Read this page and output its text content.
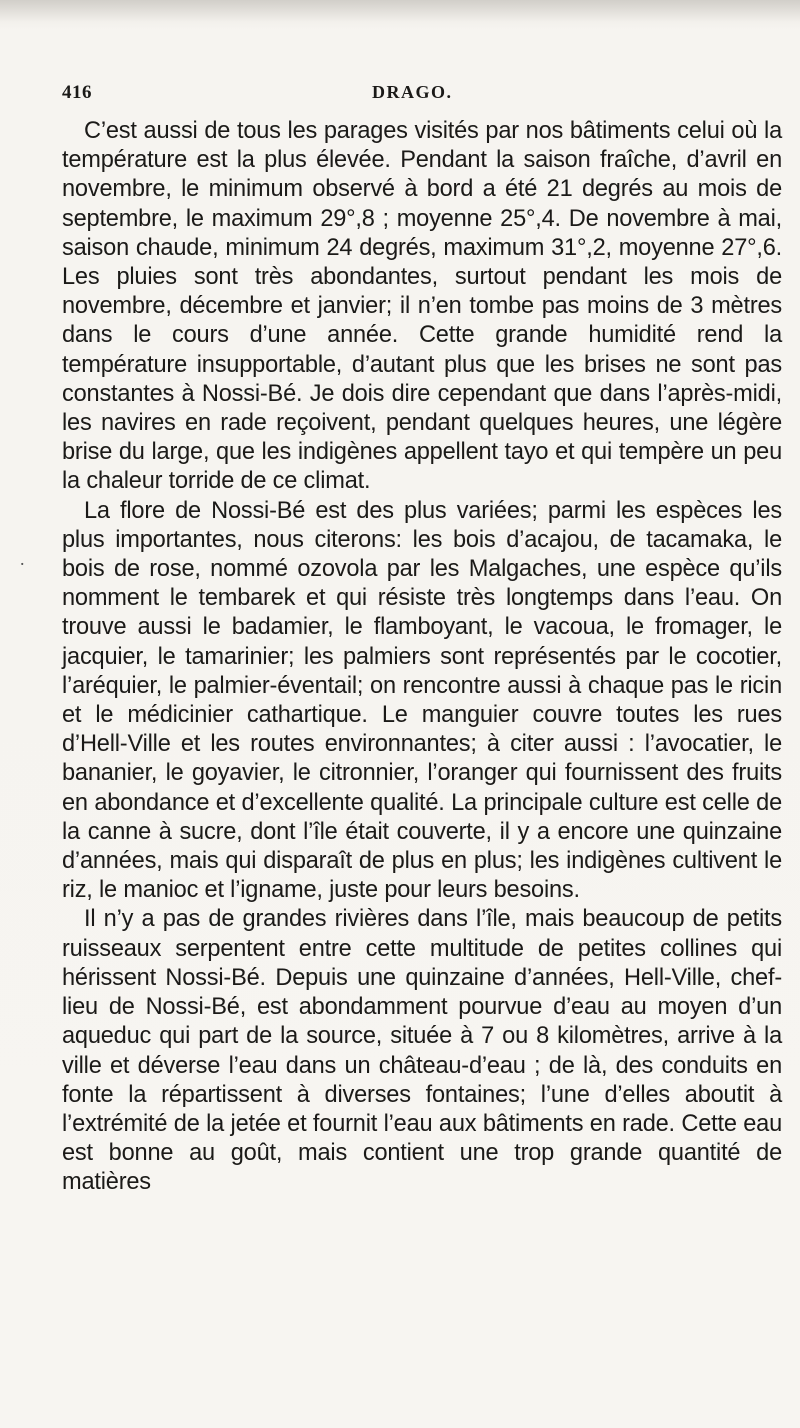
416	DRAGO.
.

C’est aussi de tous les parages visités par nos bâtiments celui où la température est la plus élevée. Pendant la saison fraîche, d’avril en novembre, le minimum observé à bord a été 21 degrés au mois de septembre, le maximum 29°,8 ; moyenne 25°,4. De novembre à mai, saison chaude, minimum 24 degrés, maximum 31°,2, moyenne 27°,6. Les pluies sont très abondantes, surtout pendant les mois de novembre, décembre et janvier; il n’en tombe pas moins de 3 mètres dans le cours d’une année. Cette grande humidité rend la température insupportable, d’autant plus que les brises ne sont pas constantes à Nossi-Bé. Je dois dire cependant que dans l’après-midi, les navires en rade reçoivent, pendant quelques heures, une légère brise du large, que les indigènes appellent tayo et qui tempère un peu la chaleur torride de ce climat.

La flore de Nossi-Bé est des plus variées; parmi les espèces les plus importantes, nous citerons: les bois d’acajou, de tacamaka, le bois de rose, nommé ozovola par les Malgaches, une espèce qu’ils nomment le tembarek et qui résiste très longtemps dans l’eau. On trouve aussi le badamier, le flamboyant, le vacoua, le fromager, le jacquier, le tamarinier; les palmiers sont représentés par le cocotier, l’aréquier, le palmier-éventail; on rencontre aussi à chaque pas le ricin et le médicinier cathartique. Le manguier couvre toutes les rues d’Hell-Ville et les routes environnantes; à citer aussi : l’avocatier, le bananier, le goyavier, le citronnier, l’oranger qui fournissent des fruits en abondance et d’excellente qualité. La principale culture est celle de la canne à sucre, dont l’île était couverte, il y a encore une quinzaine d’années, mais qui disparaît de plus en plus; les indigènes cultivent le riz, le manioc et l’igname, juste pour leurs besoins.

Il n’y a pas de grandes rivières dans l’île, mais beaucoup de petits ruisseaux serpentent entre cette multitude de petites collines qui hérissent Nossi-Bé. Depuis une quinzaine d’années, Hell-Ville, chef-lieu de Nossi-Bé, est abondamment pourvue d’eau au moyen d’un aqueduc qui part de la source, située à 7 ou 8 kilomètres, arrive à la ville et déverse l’eau dans un château-d’eau ; de là, des conduits en fonte la répartissent à diverses fontaines; l’une d’elles aboutit à l’extrémité de la jetée et fournit l’eau aux bâtiments en rade. Cette eau est bonne au goût, mais contient une trop grande quantité de matières
